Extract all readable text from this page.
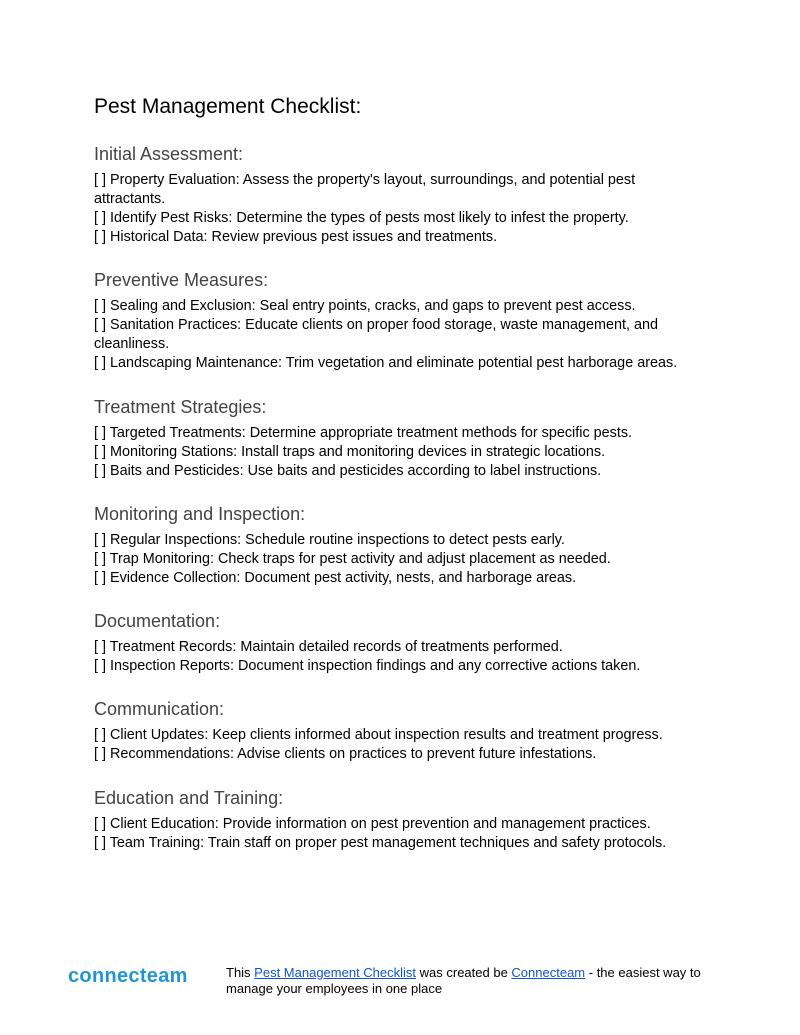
Pest Management Checklist:
Initial Assessment:
[ ] Property Evaluation: Assess the property's layout, surroundings, and potential pest attractants.
[ ] Identify Pest Risks: Determine the types of pests most likely to infest the property.
[ ] Historical Data: Review previous pest issues and treatments.
Preventive Measures:
[ ] Sealing and Exclusion: Seal entry points, cracks, and gaps to prevent pest access.
[ ] Sanitation Practices: Educate clients on proper food storage, waste management, and cleanliness.
[ ] Landscaping Maintenance: Trim vegetation and eliminate potential pest harborage areas.
Treatment Strategies:
[ ] Targeted Treatments: Determine appropriate treatment methods for specific pests.
[ ] Monitoring Stations: Install traps and monitoring devices in strategic locations.
[ ] Baits and Pesticides: Use baits and pesticides according to label instructions.
Monitoring and Inspection:
[ ] Regular Inspections: Schedule routine inspections to detect pests early.
[ ] Trap Monitoring: Check traps for pest activity and adjust placement as needed.
[ ] Evidence Collection: Document pest activity, nests, and harborage areas.
Documentation:
[ ] Treatment Records: Maintain detailed records of treatments performed.
[ ] Inspection Reports: Document inspection findings and any corrective actions taken.
Communication:
[ ] Client Updates: Keep clients informed about inspection results and treatment progress.
[ ] Recommendations: Advise clients on practices to prevent future infestations.
Education and Training:
[ ] Client Education: Provide information on pest prevention and management practices.
[ ] Team Training: Train staff on proper pest management techniques and safety protocols.
connecteam	This Pest Management Checklist was created be Connecteam - the easiest way to manage your employees in one place
